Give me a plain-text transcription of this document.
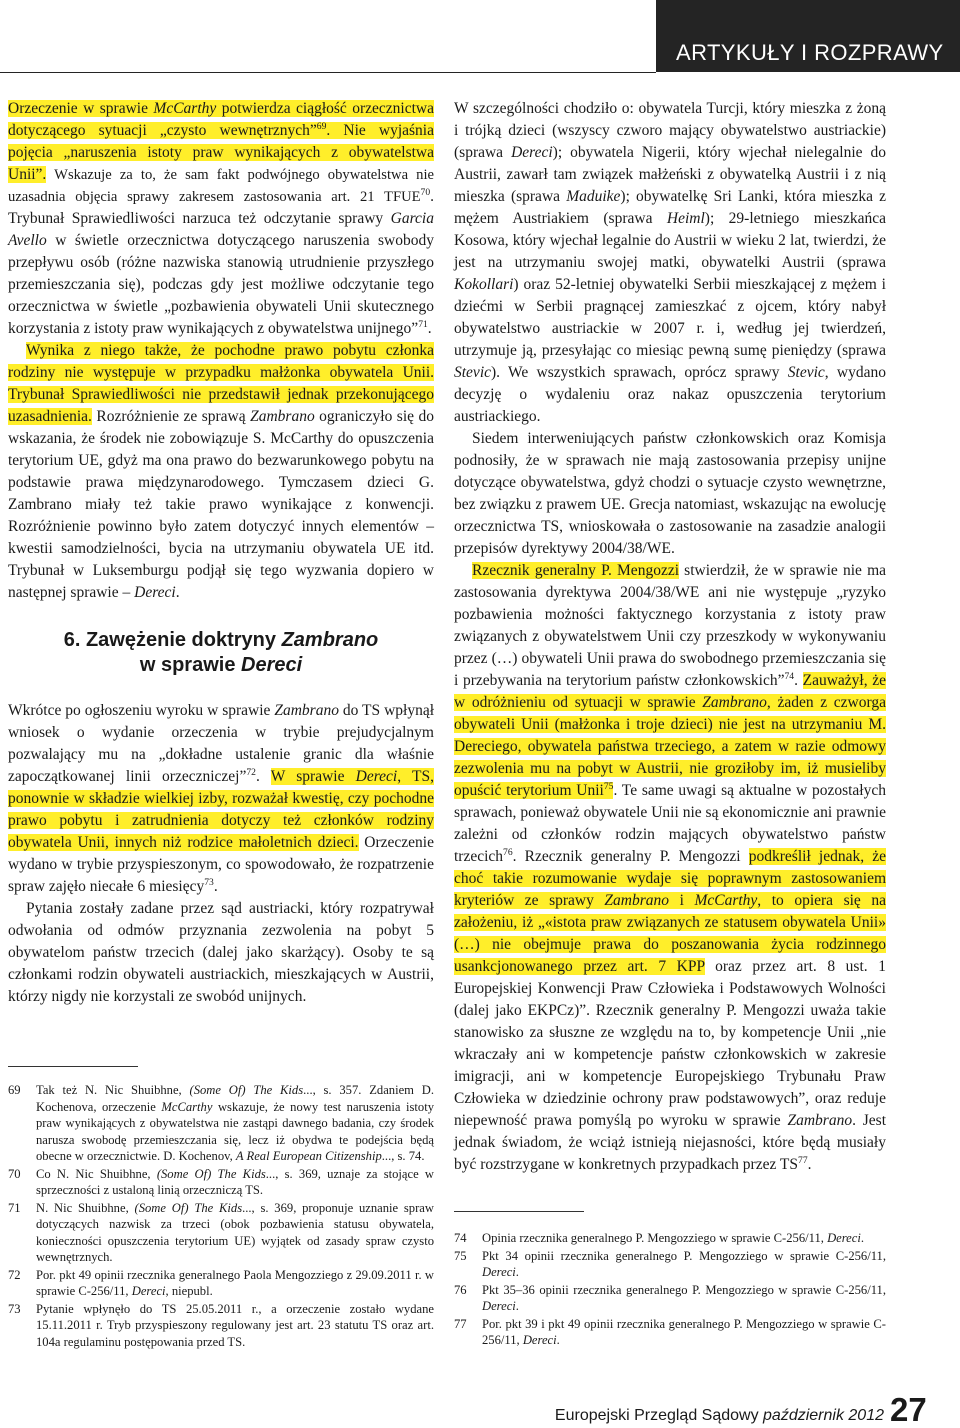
ARTYKUŁY I ROZPRAWY

Orzeczenie w sprawie McCarthy potwierdza ciągłość orzecznictwa dotyczącego sytuacji „czysto wewnętrznych”$^{69}$. Nie wyjaśnia pojęcia „naruszenia istoty praw wynikających z obywatelstwa Unii”. Wskazuje za to, że sam fakt podwójnego obywatelstwa nie uzasadnia objęcia sprawy zakresem zastosowania art. 21 TFUE$^{70}$. Trybunał Sprawiedliwości narzuca też odczytanie sprawy Garcia Avello w świetle orzecznictwa dotyczącego naruszenia swobody przepływu osób (różne nazwiska stanowią utrudnienie przyszłego przemieszczania się), podczas gdy jest możliwe odczytanie tego orzecznictwa w świetle „pozbawienia obywateli Unii skutecznego korzystania z istoty praw wynikających z obywatelstwa unijnego”$^{71}$.

Wynika z niego także, że pochodne prawo pobytu członka rodziny nie występuje w przypadku małżonka obywatela Unii. Trybunał Sprawiedliwości nie przedstawił jednak przekonującego uzasadnienia. Rozróżnienie ze sprawą Zambrano ograniczyło się do wskazania, że środek nie zobowiązuje S. McCarthy do opuszczenia terytorium UE, gdyż ma ona prawo do bezwarunkowego pobytu na podstawie prawa międzynarodowego. Tymczasem dzieci G. Zambrano miały też takie prawo wynikające z konwencji. Rozróżnienie powinno było zatem dotyczyć innych elementów – kwestii samodzielności, bycia na utrzymaniu obywatela UE itd. Trybunał w Luksemburgu podjął się tego wyzwania dopiero w następnej sprawie – Dereci.

6. Zawężenie doktryny Zambrano
w sprawie Dereci

Wkrótce po ogłoszeniu wyroku w sprawie Zambrano do TS wpłynął wniosek o wydanie orzeczenia w trybie prejudycjalnym pozwalający mu na „dokładne ustalenie granic dla właśnie zapoczątkowanej linii orzeczniczej”$^{72}$. W sprawie Dereci, TS, ponownie w składzie wielkiej izby, rozważał kwestię, czy pochodne prawo pobytu i zatrudnienia dotyczy też członków rodziny obywatela Unii, innych niż rodzice małoletnich dzieci. Orzeczenie wydano w trybie przyspieszonym, co spowodowało, że rozpatrzenie spraw zajęło niecałe 6 miesięcy$^{73}$.

Pytania zostały zadane przez sąd austriacki, który rozpatrywał odwołania od odmów przyznania zezwolenia na pobyt 5 obywatelom państw trzecich (dalej jako skarżący). Osoby te są członkami rodzin obywateli austriackich, mieszkających w Austrii, którzy nigdy nie korzystali ze swobód unijnych.

W szczególności chodziło o: obywatela Turcji, który mieszka z żoną i trójką dzieci (wszyscy czworo mający obywatelstwo austriackie) (sprawa Dereci); obywatela Nigerii, który wjechał nielegalnie do Austrii, zawarł tam związek małżeński z obywatelką Austrii i z nią mieszka (sprawa Maduike); obywatelkę Sri Lanki, która mieszka z mężem Austriakiem (sprawa Heiml); 29-letniego mieszkańca Kosowa, który wjechał legalnie do Austrii w wieku 2 lat, twierdzi, że jest na utrzymaniu swojej matki, obywatelki Austrii (sprawa Kokollari) oraz 52-letniej obywatelki Serbii mieszkającej z mężem i dziećmi w Serbii pragnącej zamieszkać z ojcem, który nabył obywatelstwo austriackie w 2007 r. i, według jej twierdzeń, utrzymuje ją, przesyłając co miesiąc pewną sumę pieniędzy (sprawa Stevic). We wszystkich sprawach, oprócz sprawy Stevic, wydano decyzję o wydaleniu oraz nakaz opuszczenia terytorium austriackiego.

Siedem interweniujących państw członkowskich oraz Komisja podnosiły, że w sprawach nie mają zastosowania przepisy unijne dotyczące obywatelstwa, gdyż chodzi o sytuacje czysto wewnętrzne, bez związku z prawem UE. Grecja natomiast, wskazując na ewolucję orzecznictwa TS, wnioskowała o zastosowanie na zasadzie analogii przepisów dyrektywy 2004/38/WE.

Rzecznik generalny P. Mengozzi stwierdził, że w sprawie nie ma zastosowania dyrektywa 2004/38/WE ani nie występuje „ryzyko pozbawienia możności faktycznego korzystania z istoty praw związanych z obywatelstwem Unii czy przeszkody w wykonywaniu przez (…) obywateli Unii prawa do swobodnego przemieszczania się i przebywania na terytorium państw członkowskich”$^{74}$. Zauważył, że w odróżnieniu od sytuacji w sprawie Zambrano, żaden z czworga obywateli Unii (małżonka i troje dzieci) nie jest na utrzymaniu M. Dereciego, obywatela państwa trzeciego, a zatem w razie odmowy zezwolenia mu na pobyt w Austrii, nie groziłoby im, iż musieliby opuścić terytorium Unii$^{75}$. Te same uwagi są aktualne w pozostałych sprawach, ponieważ obywatele Unii nie są ekonomicznie ani prawnie zależni od członków rodzin mających obywatelstwo państw trzecich$^{76}$. Rzecznik generalny P. Mengozzi podkreślił jednak, że choć takie rozumowanie wydaje się poprawnym zastosowaniem kryteriów ze sprawy Zambrano i McCarthy, to opiera się na założeniu, iż „«istota praw związanych ze statusem obywatela Unii» (…) nie obejmuje prawa do poszanowania życia rodzinnego usankcjonowanego przez art. 7 KPP oraz przez art. 8 ust. 1 Europejskiej Konwencji Praw Człowieka i Podstawowych Wolności (dalej jako EKPCz)”. Rzecznik generalny P. Mengozzi uważa takie stanowisko za słuszne ze względu na to, by kompetencje Unii „nie wkraczały ani w kompetencje państw członkowskich w zakresie imigracji, ani w kompetencje Europejskiego Trybunału Praw Człowieka w dziedzinie ochrony praw podstawowych”, oraz reduje niepewność prawa pomyślą po wyroku w sprawie Zambrano. Jest jednak świadom, że wciąż istnieją niejasności, które będą musiały być rozstrzygane w konkretnych przypadkach przez TS$^{77}$.

69 Tak też N. Nic Shuibhne, (Some Of) The Kids..., s. 357. Zdaniem D. Kochenova, orzeczenie McCarthy wskazuje, że nowy test naruszenia istoty praw wynikających z obywatelstwa nie zastąpi dawnego badania, czy środek narusza swobodę przemieszczania się, lecz iż obydwa te podejścia będą obecne w orzecznictwie. D. Kochenov, A Real European Citizenship..., s. 74.
70 Co N. Nic Shuibhne, (Some Of) The Kids..., s. 369, uznaje za stojące w sprzeczności z ustaloną linią orzeczniczą TS.
71 N. Nic Shuibhne, (Some Of) The Kids..., s. 369, proponuje uznanie spraw dotyczących nazwisk za trzeci (obok pozbawienia statusu obywatela, konieczności opuszczenia terytorium UE) wyjątek od zasady spraw czysto wewnętrznych.
72 Por. pkt 49 opinii rzecznika generalnego Paola Mengozziego z 29.09.2011 r. w sprawie C-256/11, Dereci, niepubl.
73 Pytanie wpłynęło do TS 25.05.2011 r., a orzeczenie zostało wydane 15.11.2011 r. Tryb przyspieszony regulowany jest art. 23 statutu TS oraz art. 104a regulaminu postępowania przed TS.
74 Opinia rzecznika generalnego P. Mengozziego w sprawie C-256/11, Dereci.
75 Pkt 34 opinii rzecznika generalnego P. Mengozziego w sprawie C-256/11, Dereci.
76 Pkt 35–36 opinii rzecznika generalnego P. Mengozziego w sprawie C-256/11, Dereci.
77 Por. pkt 39 i pkt 49 opinii rzecznika generalnego P. Mengozziego w sprawie C-256/11, Dereci.
Europejski Przegląd Sądowy październik 2012 27
